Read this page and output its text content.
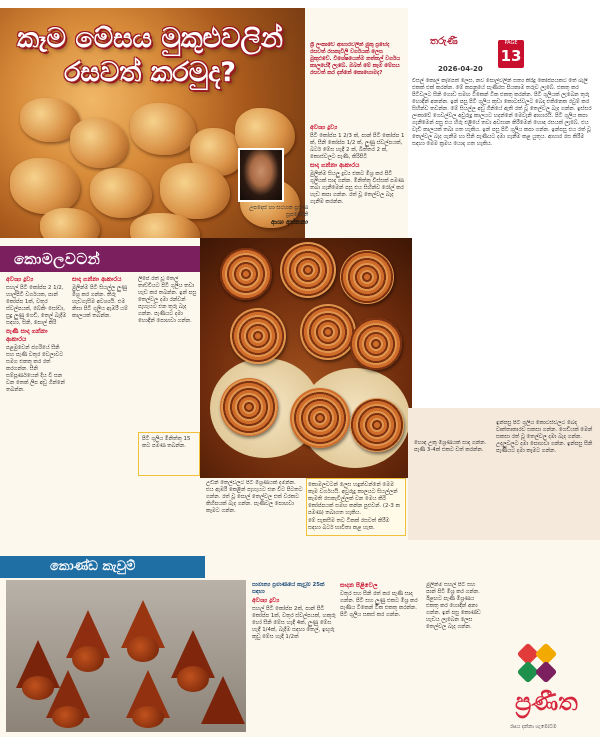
කෑම මේසය මුකුළුවලින්
රසවත් කරමුද?

ශ්‍රී ලංකාවේ ආහාරවලින් මුකු ප්‍රභේද රසවත් රසකැවිලි වර්ගයක් ලෙස මුකුළුවේ. විශේෂයෙන්ම නත්තල් වර්ගය කාලයේදී ලැබේ. ඔබත් මේ කෑම මේසය රසවත් කර දන්නේ කොහොමද?

අවශ්‍ය ද්‍රව්‍ය

පිටි කෝප්ප 1 2/3 ක්, පාන් පිටි කෝප්ප 1 ක්, සීනි කෝප්ප 1/2 ක්, ලුණු ස්වල්පයක්, බටර් මේස හැඳි 2 ක්, බිත්තර 2 ක්, කොස්වලට පැණි, කිරිපිටි

සාදා ගන්නා ආකාරය

මුලින්ම සියලු ද්‍රව්‍ය එකට මිශ්‍ර කර පිටි ගුලියක් සාදා ගන්න. මිනිත්තු විස්සක් පමණ තබා ගැනීමෙන් පසු එය සිහින්ව රෝල් කර හැඩ කපා ගන්න. රත් වූ තෙල්වල බැද ගැනීම කරන්න.

උපදෙස් හා සටහන ප්‍රවීණ සූපවේදිනී
ආශා අත්තනා
තරුණී	PAGE
13
2026-04-20
විසල් කොල් කෑම්පත් ලෙස, නව පොල්වලින් සත්‍ය කිරිදූ කෝප්පයකට තේ බැලි එකක් එක් කරන්න. මේ කපනුයේ පැණිරස පියකාම තරුව ලැබේ. එකතු කර පිටිවලට සීනි ගොඩ සමඟ ටිකෙන් ටික එකතු කරන්න. පිටි ගුලියක් ලැබෙන තුරු හොඳින් අනන්න. ඉන් පසු පිටි ගුලිය කුඩා කොටස්වලට බෙදා එකිනෙක රවුම් කර සිහින්ව තවන්න. මේ සියල්ල අඩු ගිනියේ ඇති රත් වූ තෙල්වල බැද ගන්න. ඉස්සර ලංකාවේ ගෙවල්වල අවුරුදු කාලයට හදන්නේ මෙවැනි ආහාරයි. පිටි ගුලිය කපා ගැනීමෙන් පසු එය හිරු එළියේ තවා අවසාන කිරීමෙන් හොඳ රසයක් ලැබේ. එය වැඩි කාලයක් තබා ගත හැකිය. ඉන් පසු පිටි ගුලිය කපා ගන්න. ඉන්පසු එය රත් වූ තෙල්වල බැද ගැනීම හා සීනි පැණියට දමා ගැනීම කළ යුතුය. ආහාර රස කිරීම සඳහා මෙම ක්‍රමය යොදා ගත හැකිය.
කොමලවටන්

අවශ්‍ය ද්‍රව්‍ය

සහල් පිටි කෝප්ප 2 1/2, හාල්පිටි වර්ගයක, පාන් කෝප්ප 1ක්, වතුර ස්වල්පයක්, බේකිං සෝඩා, සුදු ලුණු ගෙඩි, තෙල් බැදීම සඳහා, සිනි, පොල් කිරි

පැණි සාදා ගන්නා ආකාරය

පළමුවෙන් ජගරියේ සීනි සහ පැණි වතුර වෙලාවට සමග එකතු කර රත් කරගන්න. සීනි සම්පූර්ණයෙන් දිය වී ඝන වන තෙක් ලිප අඩු ගින්නේ තබන්න.

සාදා ගන්නා ආකාරය

මුලින්ම පිටි සියල්ල ලුණු මිශ්‍ර කර ගන්න. තීරු හැඩගැසීම අවශ්‍යයි. එම නිසා පිටි ගුලිය ඇඹරී යම් කාලයක් තබන්න.

ලිපේ රත් වූ තෙල් තාච්චියට පිටි ගුලිය තවා හැඩ කර තබන්න. ඉන් පසු තෙල්වල දමා රන්වන් පැහැයට එන තුරු බැද ගන්න. පැණියට දමා හොඳින් පොඟවා ගන්න.

පිටි ගුලිය මිනිත්තු 15 කට පමණ තබන්න.

උඩින් තෙල්වලට පිටි මිශ්‍රණයක් දමන්න. එය ඇඹරී කෙළින් පැහැයට එන විට පිටතට ගන්න. රත් වූ පොල් තෙල්වල එක් වරකට කිහිපයක් බැද ගන්න. පැණිවල පොඟවා කෑමට ගන්න.

කොමලවටන් ලෙස හඳුන්වන්නේ මෙම කෑම වර්ගයයි. අවුරුදු කාලයට සියල්ලන් කැමති රසකැවිල්ලක් වන මෙය කිරි කෝප්පයක් සමඟ කන්න පුළුවන්. (2-3 ක පමණ) තබාගත හැකිය.

මේ සැකසීම තව ටිකක් රසවත් කිරීම සඳහා බටර් භාවිතා කළ හැක.

හොඳ උකු මිශ්‍රණයක් සාදා ගන්න. පැණි 3-4ක් එකට වත් කරන්න.
ඉන්පසු පිටි ගුලිය කොටස්වලට බෙදා වෘත්තාකාරව සකසා ගන්න. ගෙඩියක් මෙන් සකසා රත් වූ තෙල්වල දමා බැද ගන්න. උදලුවලට දමා පොඟවා ගන්න. ඉන්පසු සීනි පැණියට දමා කෑමට ගන්න.
කොණ්ඩ කැවුම්

සාමාන්‍ය ප්‍රමාණයේ කැවුම් 25ක් සඳහා

අවශ්‍ය ද්‍රව්‍ය

සහල් පිටි කෝප්ප 2ක්, පාන් පිටි කෝප්ප 1ක්, වතුර ස්වල්පයක්, හකුරු හෝ සීනි මේස හැඳි 4ක්, ලුණු මේස හැඳි 1/4ක්, බැදීම සඳහා තෙල්, ඉඟුරු කුඩු මේස හැඳි 1/2ක්

සාදන පිළිවෙල

වතුර සහ සීනි රත් කර පැණි සාදා ගන්න. පිටි සහ ලුණු එකට මිශ්‍ර කර පැණිය ටිකෙන් ටික එකතු කරන්න. පිටි ගුලිය සකස් කර ගන්න.

මුලින්ම සහල් පිටි සහ පාන් පිටි මිශ්‍ර කර ගන්න. ඊළඟට පැණි මිශ්‍රණය එකතු කර හොඳින් අනා ගන්න. ඉන් පසු කොණ්ඩ හැඩය ලැබෙන ලෙස තෙල්වල බැද ගන්න.

ප්‍රණීත
රසය දන්නා හැමෝටම
